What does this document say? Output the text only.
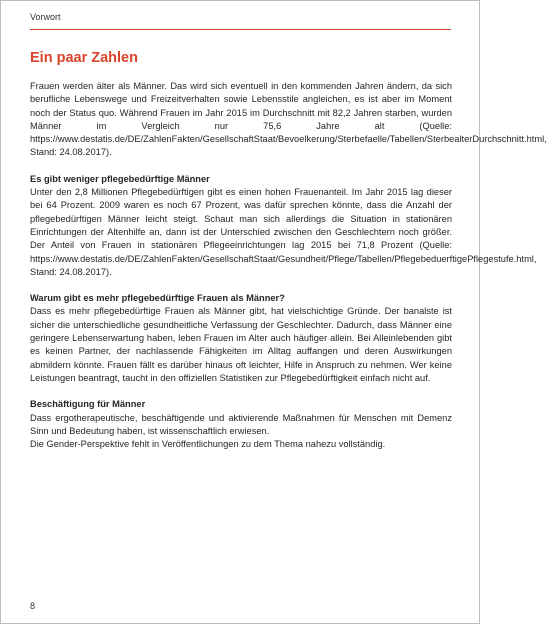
Vorwort
Ein paar Zahlen

Frauen werden älter als Männer. Das wird sich eventuell in den kommenden Jahren ändern, da sich berufliche Lebenswege und Freizeitverhalten sowie Lebensstile angleichen, es ist aber im Moment noch der Status quo. Während Frauen im Jahr 2015 im Durchschnitt mit 82,2 Jahren starben, wurden Männer im Vergleich nur 75,6 Jahre alt (Quelle: https://www.destatis.de/DE/ZahlenFakten/GesellschaftStaat/Bevoelkerung/Sterbefaelle/Tabellen/SterbealterDurchschnitt.html, Stand: 24.08.2017).

Es gibt weniger pflegebedürftige Männer

Unter den 2,8 Millionen Pflegebedürftigen gibt es einen hohen Frauenanteil. Im Jahr 2015 lag dieser bei 64 Prozent. 2009 waren es noch 67 Prozent, was dafür sprechen könnte, dass die Anzahl der pflegebedürftigen Männer leicht steigt. Schaut man sich allerdings die Situation in stationären Einrichtungen der Altenhilfe an, dann ist der Unterschied zwischen den Geschlechtern noch größer. Der Anteil von Frauen in stationären Pflegeeinrichtungen lag 2015 bei 71,8 Prozent (Quelle: https://www.destatis.de/DE/ZahlenFakten/GesellschaftStaat/Gesundheit/Pflege/Tabellen/PflegebeduerftigePflegestufe.html, Stand: 24.08.2017).

Warum gibt es mehr pflegebedürftige Frauen als Männer?

Dass es mehr pflegebedürftige Frauen als Männer gibt, hat vielschichtige Gründe. Der banalste ist sicher die unterschiedliche gesundheitliche Verfassung der Geschlechter. Dadurch, dass Männer eine geringere Lebenserwartung haben, leben Frauen im Alter auch häufiger allein. Bei Alleinlebenden gibt es keinen Partner, der nachlassende Fähigkeiten im Alltag auffangen und deren Auswirkungen abmildern könnte. Frauen fällt es darüber hinaus oft leichter, Hilfe in Anspruch zu nehmen. Wer keine Leistungen beantragt, taucht in den offiziellen Statistiken zur Pflegebedürftigkeit einfach nicht auf.

Beschäftigung für Männer

Dass ergotherapeutische, beschäftigende und aktivierende Maßnahmen für Menschen mit Demenz Sinn und Bedeutung haben, ist wissenschaftlich erwiesen.

Die Gender-Perspektive fehlt in Veröffentlichungen zu dem Thema nahezu vollständig.

8
